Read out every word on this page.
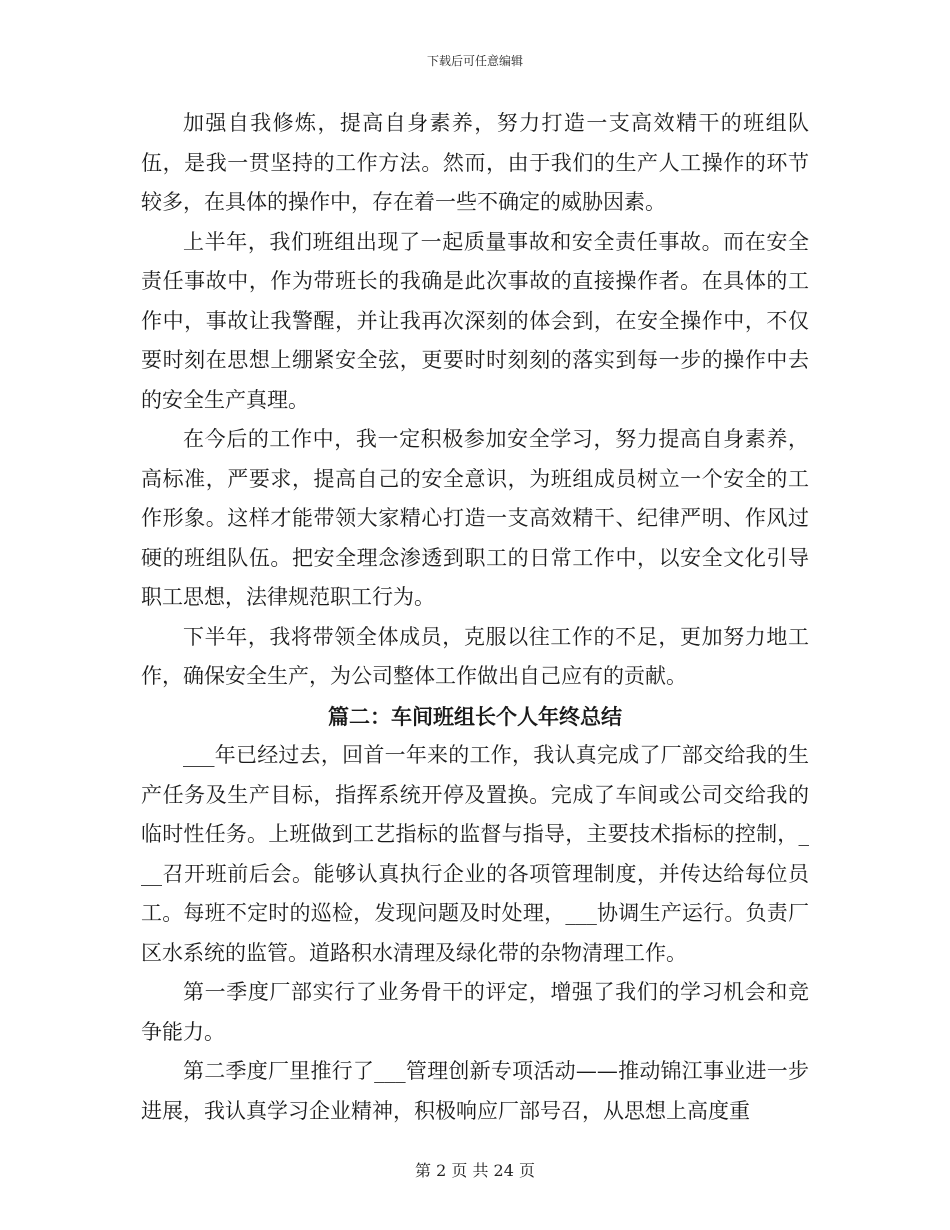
下载后可任意编辑

加强自我修炼，提高自身素养，努力打造一支高效精干的班组队伍，是我一贯坚持的工作方法。然而，由于我们的生产人工操作的环节较多，在具体的操作中，存在着一些不确定的威胁因素。

上半年，我们班组出现了一起质量事故和安全责任事故。而在安全责任事故中，作为带班长的我确是此次事故的直接操作者。在具体的工作中，事故让我警醒，并让我再次深刻的体会到，在安全操作中，不仅要时刻在思想上绷紧安全弦，更要时时刻刻的落实到每一步的操作中去的安全生产真理。

在今后的工作中，我一定积极参加安全学习，努力提高自身素养，高标准，严要求，提高自己的安全意识，为班组成员树立一个安全的工作形象。这样才能带领大家精心打造一支高效精干、纪律严明、作风过硬的班组队伍。把安全理念渗透到职工的日常工作中，以安全文化引导职工思想，法律规范职工行为。

下半年，我将带领全体成员，克服以往工作的不足，更加努力地工作，确保安全生产，为公司整体工作做出自己应有的贡献。

篇二：车间班组长个人年终总结

___年已经过去，回首一年来的工作，我认真完成了厂部交给我的生产任务及生产目标，指挥系统开停及置换。完成了车间或公司交给我的临时性任务。上班做到工艺指标的监督与指导，主要技术指标的控制，___召开班前后会。能够认真执行企业的各项管理制度，并传达给每位员工。每班不定时的巡检，发现问题及时处理，___协调生产运行。负责厂区水系统的监管。道路积水清理及绿化带的杂物清理工作。

第一季度厂部实行了业务骨干的评定，增强了我们的学习机会和竞争能力。

第二季度厂里推行了___管理创新专项活动——推动锦江事业进一步进展，我认真学习企业精神，积极响应厂部号召，从思想上高度重

第 2 页 共 24 页
